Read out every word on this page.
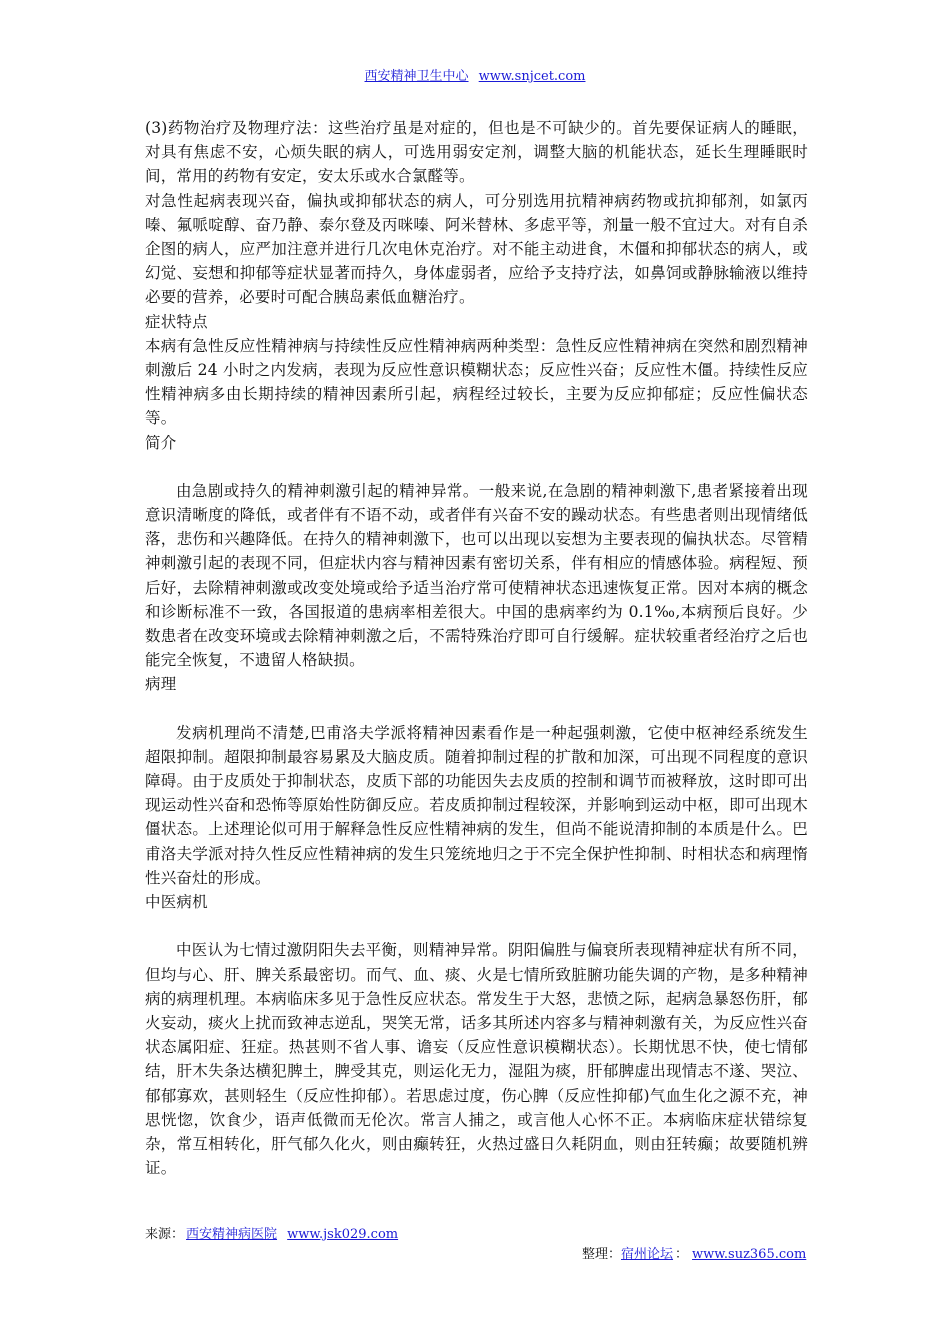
西安精神卫生中心 www.snjcet.com

(3)药物治疗及物理疗法：这些治疗虽是对症的，但也是不可缺少的。首先要保证病人的睡眠，对具有焦虑不安，心烦失眠的病人，可选用弱安定剂，调整大脑的机能状态，延长生理睡眠时间，常用的药物有安定，安太乐或水合氯醛等。

对急性起病表现兴奋，偏执或抑郁状态的病人，可分别选用抗精神病药物或抗抑郁剂，如氯丙嗪、氟哌啶醇、奋乃静、泰尔登及丙咪嗪、阿米替林、多虑平等，剂量一般不宜过大。对有自杀企图的病人，应严加注意并进行几次电休克治疗。对不能主动进食，木僵和抑郁状态的病人，或幻觉、妄想和抑郁等症状显著而持久，身体虚弱者，应给予支持疗法，如鼻饲或静脉输液以维持必要的营养，必要时可配合胰岛素低血糖治疗。

症状特点

本病有急性反应性精神病与持续性反应性精神病两种类型：急性反应性精神病在突然和剧烈精神刺激后 24 小时之内发病，表现为反应性意识模糊状态；反应性兴奋；反应性木僵。持续性反应性精神病多由长期持续的精神因素所引起，病程经过较长，主要为反应抑郁症；反应性偏状态等。

简介

由急剧或持久的精神刺激引起的精神异常。一般来说,在急剧的精神刺激下,患者紧接着出现意识清晰度的降低，或者伴有不语不动，或者伴有兴奋不安的躁动状态。有些患者则出现情绪低落，悲伤和兴趣降低。在持久的精神刺激下，也可以出现以妄想为主要表现的偏执状态。尽管精神刺激引起的表现不同，但症状内容与精神因素有密切关系，伴有相应的情感体验。病程短、预后好，去除精神刺激或改变处境或给予适当治疗常可使精神状态迅速恢复正常。因对本病的概念和诊断标准不一致，各国报道的患病率相差很大。中国的患病率约为 0.1‰,本病预后良好。少数患者在改变环境或去除精神刺激之后，不需特殊治疗即可自行缓解。症状较重者经治疗之后也能完全恢复，不遗留人格缺损。

病理

发病机理尚不清楚,巴甫洛夫学派将精神因素看作是一种起强刺激，它使中枢神经系统发生超限抑制。超限抑制最容易累及大脑皮质。随着抑制过程的扩散和加深，可出现不同程度的意识障碍。由于皮质处于抑制状态，皮质下部的功能因失去皮质的控制和调节而被释放，这时即可出现运动性兴奋和恐怖等原始性防御反应。若皮质抑制过程较深，并影响到运动中枢，即可出现木僵状态。上述理论似可用于解释急性反应性精神病的发生，但尚不能说清抑制的本质是什么。巴甫洛夫学派对持久性反应性精神病的发生只笼统地归之于不完全保护性抑制、时相状态和病理惰性兴奋灶的形成。

中医病机

中医认为七情过激阴阳失去平衡，则精神异常。阴阳偏胜与偏衰所表现精神症状有所不同，但均与心、肝、脾关系最密切。而气、血、痰、火是七情所致脏腑功能失调的产物，是多种精神病的病理机理。本病临床多见于急性反应状态。常发生于大怒，悲愤之际，起病急暴怒伤肝，郁火妄动，痰火上扰而致神志逆乱，哭笑无常，话多其所述内容多与精神刺激有关，为反应性兴奋状态属阳症、狂症。热甚则不省人事、谵妄（反应性意识模糊状态）。长期忧思不快，使七情郁结，肝木失条达横犯脾土，脾受其克，则运化无力，湿阻为痰，肝郁脾虚出现情志不遂、哭泣、郁郁寡欢，甚则轻生（反应性抑郁）。若思虑过度，伤心脾（反应性抑郁)气血生化之源不充，神思恍惚，饮食少，语声低微而无伦次。常言人捕之，或言他人心怀不正。本病临床症状错综复杂，常互相转化，肝气郁久化火，则由癫转狂，火热过盛日久耗阴血，则由狂转癫；故要随机辨证。

来源： 西安精神病医院 www.jsk029.com
整理：宿州论坛 ： www.suz365.com
